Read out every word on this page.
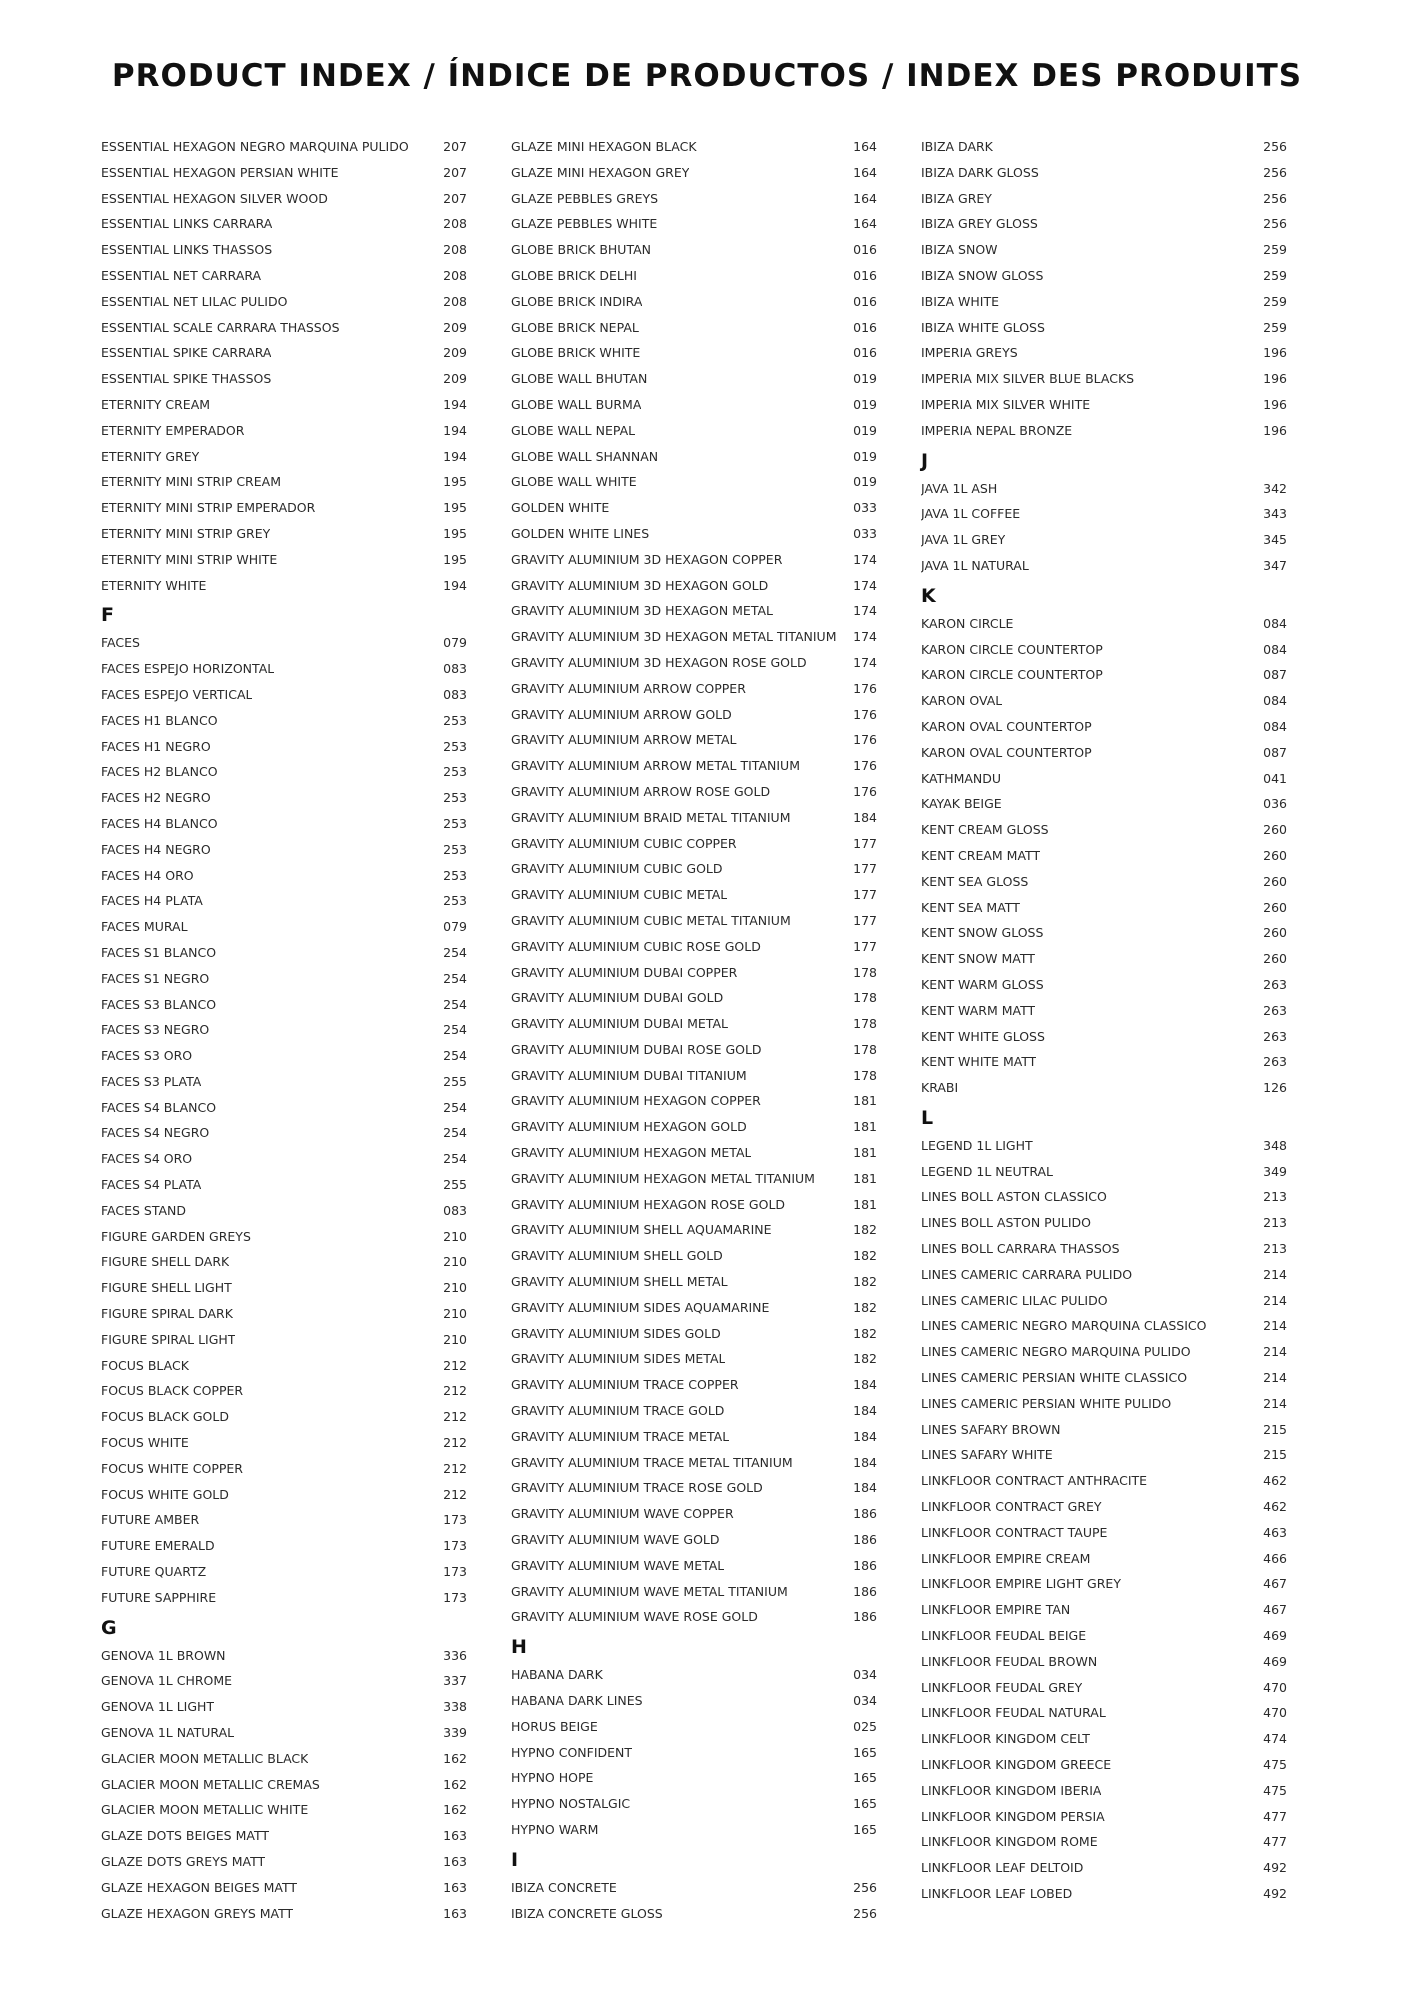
PRODUCT INDEX / ÍNDICE DE PRODUCTOS / INDEX DES PRODUITS
ESSENTIAL HEXAGON NEGRO MARQUINA PULIDO	207
ESSENTIAL HEXAGON PERSIAN WHITE	207
ESSENTIAL HEXAGON SILVER WOOD	207
ESSENTIAL LINKS CARRARA	208
ESSENTIAL LINKS THASSOS	208
ESSENTIAL NET CARRARA	208
ESSENTIAL NET LILAC PULIDO	208
ESSENTIAL SCALE CARRARA THASSOS	209
ESSENTIAL SPIKE CARRARA	209
ESSENTIAL SPIKE THASSOS	209
ETERNITY CREAM	194
ETERNITY EMPERADOR	194
ETERNITY GREY	194
ETERNITY MINI STRIP CREAM	195
ETERNITY MINI STRIP EMPERADOR	195
ETERNITY MINI STRIP GREY	195
ETERNITY MINI STRIP WHITE	195
ETERNITY WHITE	194
F
FACES	079
FACES ESPEJO HORIZONTAL	083
FACES ESPEJO VERTICAL	083
FACES H1 BLANCO	253
FACES H1 NEGRO	253
FACES H2 BLANCO	253
FACES H2 NEGRO	253
FACES H4 BLANCO	253
FACES H4 NEGRO	253
FACES H4 ORO	253
FACES H4 PLATA	253
FACES MURAL	079
FACES S1 BLANCO	254
FACES S1 NEGRO	254
FACES S3 BLANCO	254
FACES S3 NEGRO	254
FACES S3 ORO	254
FACES S3 PLATA	255
FACES S4 BLANCO	254
FACES S4 NEGRO	254
FACES S4 ORO	254
FACES S4 PLATA	255
FACES STAND	083
FIGURE GARDEN GREYS	210
FIGURE SHELL DARK	210
FIGURE SHELL LIGHT	210
FIGURE SPIRAL DARK	210
FIGURE SPIRAL LIGHT	210
FOCUS BLACK	212
FOCUS BLACK COPPER	212
FOCUS BLACK GOLD	212
FOCUS WHITE	212
FOCUS WHITE COPPER	212
FOCUS WHITE GOLD	212
FUTURE AMBER	173
FUTURE EMERALD	173
FUTURE QUARTZ	173
FUTURE SAPPHIRE	173
G
GENOVA 1L BROWN	336
GENOVA 1L CHROME	337
GENOVA 1L LIGHT	338
GENOVA 1L NATURAL	339
GLACIER MOON METALLIC BLACK	162
GLACIER MOON METALLIC CREMAS	162
GLACIER MOON METALLIC WHITE	162
GLAZE DOTS BEIGES MATT	163
GLAZE DOTS GREYS MATT	163
GLAZE HEXAGON BEIGES MATT	163
GLAZE HEXAGON GREYS MATT	163
GLAZE MINI HEXAGON BLACK	164
GLAZE MINI HEXAGON GREY	164
GLAZE PEBBLES GREYS	164
GLAZE PEBBLES WHITE	164
GLOBE BRICK BHUTAN	016
GLOBE BRICK DELHI	016
GLOBE BRICK INDIRA	016
GLOBE BRICK NEPAL	016
GLOBE BRICK WHITE	016
GLOBE WALL BHUTAN	019
GLOBE WALL BURMA	019
GLOBE WALL NEPAL	019
GLOBE WALL SHANNAN	019
GLOBE WALL WHITE	019
GOLDEN WHITE	033
GOLDEN WHITE LINES	033
GRAVITY ALUMINIUM 3D HEXAGON COPPER	174
GRAVITY ALUMINIUM 3D HEXAGON GOLD	174
GRAVITY ALUMINIUM 3D HEXAGON METAL	174
GRAVITY ALUMINIUM 3D HEXAGON METAL TITANIUM 174
GRAVITY ALUMINIUM 3D HEXAGON ROSE GOLD	174
GRAVITY ALUMINIUM ARROW COPPER	176
GRAVITY ALUMINIUM ARROW GOLD	176
GRAVITY ALUMINIUM ARROW METAL	176
GRAVITY ALUMINIUM ARROW METAL TITANIUM	176
GRAVITY ALUMINIUM ARROW ROSE GOLD	176
GRAVITY ALUMINIUM BRAID METAL TITANIUM	184
GRAVITY ALUMINIUM CUBIC COPPER	177
GRAVITY ALUMINIUM CUBIC GOLD	177
GRAVITY ALUMINIUM CUBIC METAL	177
GRAVITY ALUMINIUM CUBIC METAL TITANIUM	177
GRAVITY ALUMINIUM CUBIC ROSE GOLD	177
GRAVITY ALUMINIUM DUBAI COPPER	178
GRAVITY ALUMINIUM DUBAI GOLD	178
GRAVITY ALUMINIUM DUBAI METAL	178
GRAVITY ALUMINIUM DUBAI ROSE GOLD	178
GRAVITY ALUMINIUM DUBAI TITANIUM	178
GRAVITY ALUMINIUM HEXAGON COPPER	181
GRAVITY ALUMINIUM HEXAGON GOLD	181
GRAVITY ALUMINIUM HEXAGON METAL	181
GRAVITY ALUMINIUM HEXAGON METAL TITANIUM	181
GRAVITY ALUMINIUM HEXAGON ROSE GOLD	181
GRAVITY ALUMINIUM SHELL AQUAMARINE	182
GRAVITY ALUMINIUM SHELL GOLD	182
GRAVITY ALUMINIUM SHELL METAL	182
GRAVITY ALUMINIUM SIDES AQUAMARINE	182
GRAVITY ALUMINIUM SIDES GOLD	182
GRAVITY ALUMINIUM SIDES METAL	182
GRAVITY ALUMINIUM TRACE COPPER	184
GRAVITY ALUMINIUM TRACE GOLD	184
GRAVITY ALUMINIUM TRACE METAL	184
GRAVITY ALUMINIUM TRACE METAL TITANIUM	184
GRAVITY ALUMINIUM TRACE ROSE GOLD	184
GRAVITY ALUMINIUM WAVE COPPER	186
GRAVITY ALUMINIUM WAVE GOLD	186
GRAVITY ALUMINIUM WAVE METAL	186
GRAVITY ALUMINIUM WAVE METAL TITANIUM	186
GRAVITY ALUMINIUM WAVE ROSE GOLD	186
H
HABANA DARK	034
HABANA DARK LINES	034
HORUS BEIGE	025
HYPNO CONFIDENT	165
HYPNO HOPE	165
HYPNO NOSTALGIC	165
HYPNO WARM	165
I
IBIZA CONCRETE	256
IBIZA CONCRETE GLOSS	256
IBIZA DARK	256
IBIZA DARK GLOSS	256
IBIZA GREY	256
IBIZA GREY GLOSS	256
IBIZA SNOW	259
IBIZA SNOW GLOSS	259
IBIZA WHITE	259
IBIZA WHITE GLOSS	259
IMPERIA GREYS	196
IMPERIA MIX SILVER BLUE BLACKS	196
IMPERIA MIX SILVER WHITE	196
IMPERIA NEPAL BRONZE	196
J
JAVA 1L ASH	342
JAVA 1L COFFEE	343
JAVA 1L GREY	345
JAVA 1L NATURAL	347
K
KARON CIRCLE	084
KARON CIRCLE COUNTERTOP	084
KARON CIRCLE COUNTERTOP	087
KARON OVAL	084
KARON OVAL COUNTERTOP	084
KARON OVAL COUNTERTOP	087
KATHMANDU	041
KAYAK BEIGE	036
KENT CREAM GLOSS	260
KENT CREAM MATT	260
KENT SEA GLOSS	260
KENT SEA MATT	260
KENT SNOW GLOSS	260
KENT SNOW MATT	260
KENT WARM GLOSS	263
KENT WARM MATT	263
KENT WHITE GLOSS	263
KENT WHITE MATT	263
KRABI	126
L
LEGEND 1L LIGHT	348
LEGEND 1L NEUTRAL	349
LINES BOLL ASTON CLASSICO	213
LINES BOLL ASTON PULIDO	213
LINES BOLL CARRARA THASSOS	213
LINES CAMERIC CARRARA PULIDO	214
LINES CAMERIC LILAC PULIDO	214
LINES CAMERIC NEGRO MARQUINA CLASSICO	214
LINES CAMERIC NEGRO MARQUINA PULIDO	214
LINES CAMERIC PERSIAN WHITE CLASSICO	214
LINES CAMERIC PERSIAN WHITE PULIDO	214
LINES SAFARY BROWN	215
LINES SAFARY WHITE	215
LINKFLOOR CONTRACT ANTHRACITE	462
LINKFLOOR CONTRACT GREY	462
LINKFLOOR CONTRACT TAUPE	463
LINKFLOOR EMPIRE CREAM	466
LINKFLOOR EMPIRE LIGHT GREY	467
LINKFLOOR EMPIRE TAN	467
LINKFLOOR FEUDAL BEIGE	469
LINKFLOOR FEUDAL BROWN	469
LINKFLOOR FEUDAL GREY	470
LINKFLOOR FEUDAL NATURAL	470
LINKFLOOR KINGDOM CELT	474
LINKFLOOR KINGDOM GREECE	475
LINKFLOOR KINGDOM IBERIA	475
LINKFLOOR KINGDOM PERSIA	477
LINKFLOOR KINGDOM ROME	477
LINKFLOOR LEAF DELTOID	492
LINKFLOOR LEAF LOBED	492
